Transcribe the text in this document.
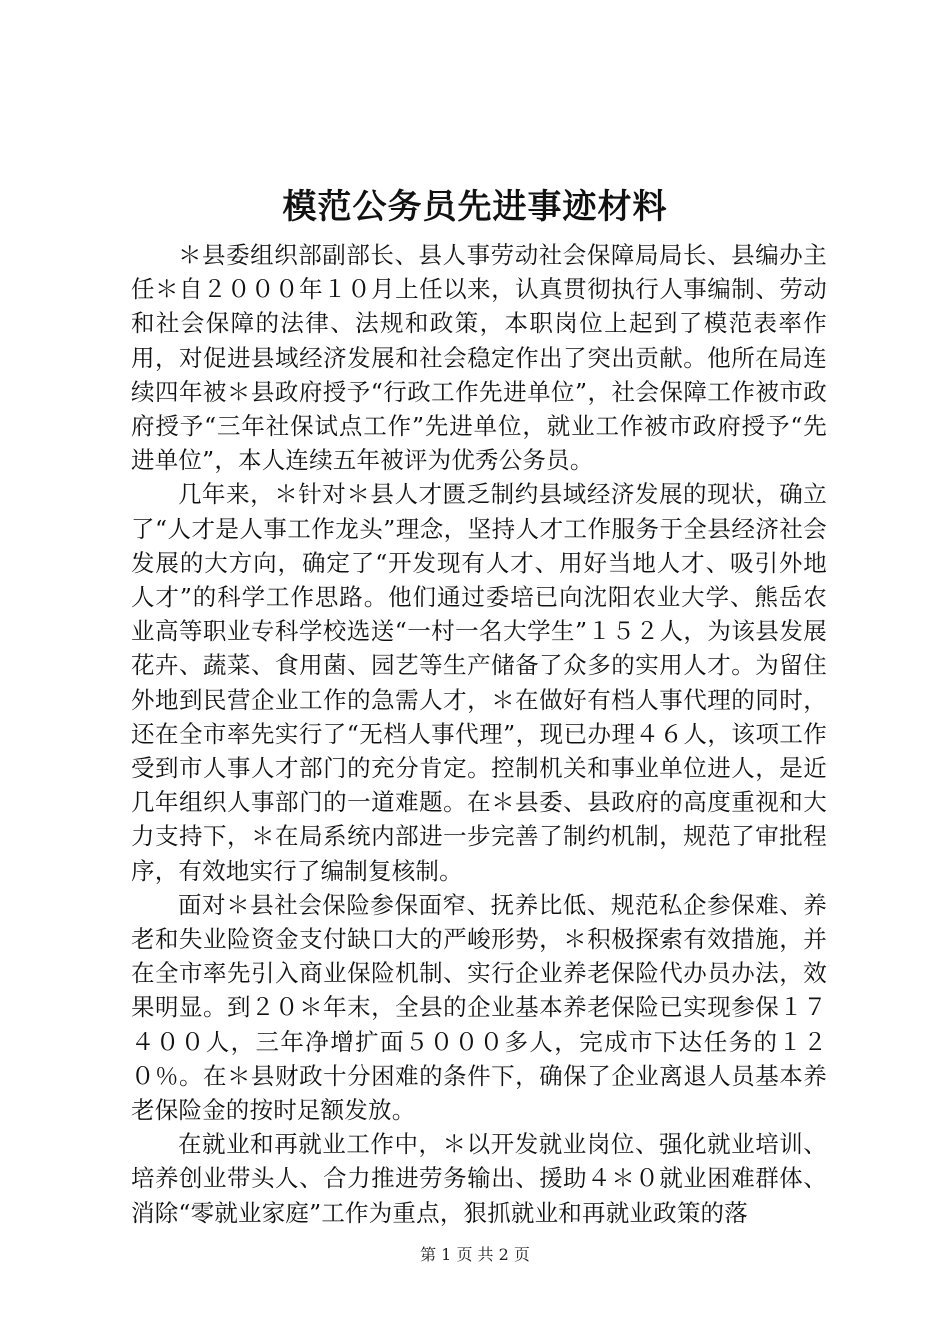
模范公务员先进事迹材料

＊县委组织部副部长、县人事劳动社会保障局局长、县编办主任＊自２０００年１０月上任以来，认真贯彻执行人事编制、劳动和社会保障的法律、法规和政策，本职岗位上起到了模范表率作用，对促进县域经济发展和社会稳定作出了突出贡献。他所在局连续四年被＊县政府授予“行政工作先进单位”，社会保障工作被市政府授予“三年社保试点工作”先进单位，就业工作被市政府授予“先进单位”，本人连续五年被评为优秀公务员。

几年来，＊针对＊县人才匮乏制约县域经济发展的现状，确立了“人才是人事工作龙头”理念，坚持人才工作服务于全县经济社会发展的大方向，确定了“开发现有人才、用好当地人才、吸引外地人才”的科学工作思路。他们通过委培已向沈阳农业大学、熊岳农业高等职业专科学校选送“一村一名大学生”１５２人，为该县发展花卉、蔬菜、食用菌、园艺等生产储备了众多的实用人才。为留住外地到民营企业工作的急需人才，＊在做好有档人事代理的同时，还在全市率先实行了“无档人事代理”，现已办理４６人，该项工作受到市人事人才部门的充分肯定。控制机关和事业单位进人，是近几年组织人事部门的一道难题。在＊县委、县政府的高度重视和大力支持下，＊在局系统内部进一步完善了制约机制，规范了审批程序，有效地实行了编制复核制。

面对＊县社会保险参保面窄、抚养比低、规范私企参保难、养老和失业险资金支付缺口大的严峻形势，＊积极探索有效措施，并在全市率先引入商业保险机制、实行企业养老保险代办员办法，效果明显。到２０＊年末，全县的企业基本养老保险已实现参保１７４００人，三年净增扩面５０００多人，完成市下达任务的１２０％。在＊县财政十分困难的条件下，确保了企业离退人员基本养老保险金的按时足额发放。

在就业和再就业工作中，＊以开发就业岗位、强化就业培训、培养创业带头人、合力推进劳务输出、援助４＊０就业困难群体、消除“零就业家庭”工作为重点，狠抓就业和再就业政策的落

第 1 页 共 2 页
